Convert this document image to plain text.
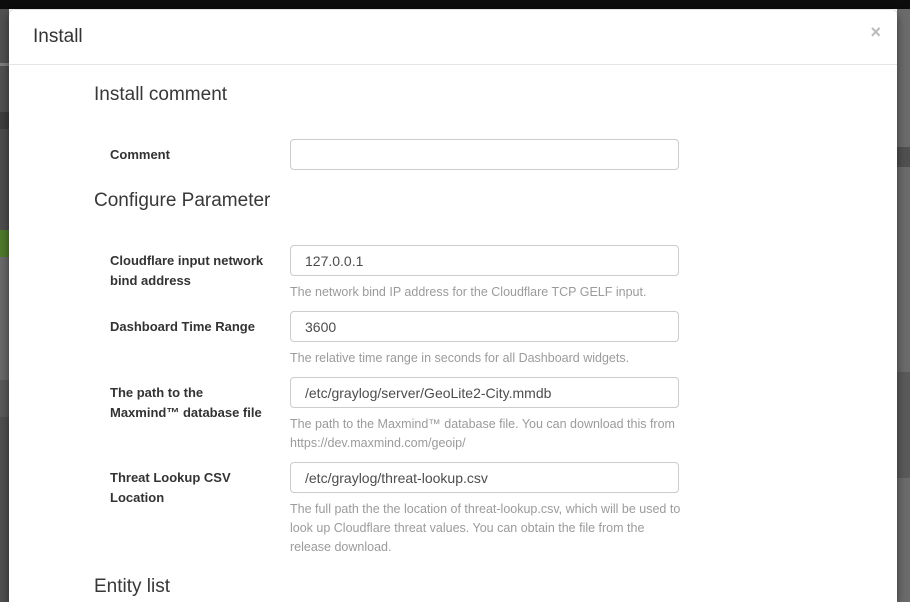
Install	×
Install comment
Comment
Configure Parameter
Cloudflare input network bind address
127.0.0.1
The network bind IP address for the Cloudflare TCP GELF input.
Dashboard Time Range
3600
The relative time range in seconds for all Dashboard widgets.
The path to the Maxmind™ database file
/etc/graylog/server/GeoLite2-City.mmdb
The path to the Maxmind™ database file. You can download this from https://dev.maxmind.com/geoip/
Threat Lookup CSV Location
/etc/graylog/threat-lookup.csv
The full path the the location of threat-lookup.csv, which will be used to look up Cloudflare threat values. You can obtain the file from the release download.
Entity list
